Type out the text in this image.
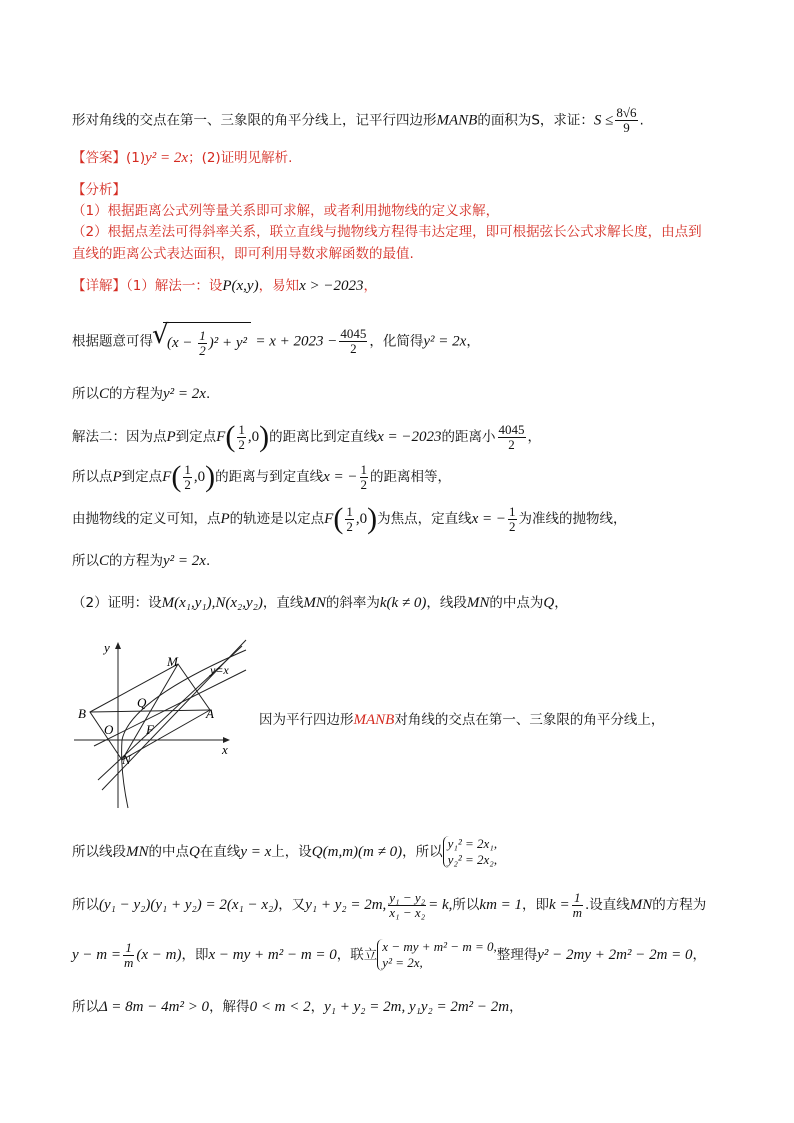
形对角线的交点在第一、三象限的角平分线上，记平行四边形MANB的面积为S，求证：$S \le \frac{8√6}{9}$ .
【答案】(1)y² = 2x；(2)证明见解析.
【分析】
（1）根据距离公式列等量关系即可求解，或者利用抛物线的定义求解，
（2）根据点差法可得斜率关系，联立直线与抛物线方程得韦达定理，即可根据弦长公式求解长度，由点到
直线的距离公式表达面积，即可利用导数求解函数的最值.
【详解】（1）解法一：设P(x,y)，易知x > −2023，
根据题意可得√ $(x - \frac{1}{2} )^2 + y^2 = x + 2023 - \frac{4045}{2}$ ，化简得y² = 2x，
所以C的方程为y² = 2x.
解法二：因为点P到定点$F( \frac{1}{2} ,0)$的距离比到定直线x = −2023的距离小 $\frac{4045}{2}$ ，
所以点P到定点$F( \frac{1}{2} ,0)$的距离与到定直线x = − $\frac{1}{2}$ 的距离相等，
由抛物线的定义可知，点P的轨迹是以定点$F( \frac{1}{2} ,0)$为焦点，定直线x = − $\frac{1}{2}$ 为准线的抛物线，
所以C的方程为y² = 2x.
（2）证明：设M(x₁,y₁),N(x₂,y₂)，直线MN的斜率为k(k ≠ 0)，线段MN的中点为Q，
y
M
y=x
Q
B	A
O	F
x
N
因为平行四边形MANB对角线的交点在第一、三象限的角平分线上，
所以线段MN的中点Q在直线y = x上，设Q(m,m)(m ≠ 0)，所以y₁² = 2x₁,
y₂² = 2x₂,
所以(y₁ − y₂)(y₁ + y₂) = 2(x₁ − x₂)，又y₁ + y₂ = 2m, $\frac{\text{y₁ − y₂}}{\text{x₁ − x₂}} = k$,所以km = 1，即$k = \frac{1}{m}$ .设直线MN的方程为
$y - m = \frac{1}{m} (x - m)$，即x − my + m² − m = 0，联立x − my + m² − m = 0,
y² = 2x,	整理得y² − 2my + 2m² − 2m = 0，
所以Δ = 8m − 4m² > 0，解得0 < m < 2，y₁ + y₂ = 2m, y₁y₂ = 2m² − 2m，
